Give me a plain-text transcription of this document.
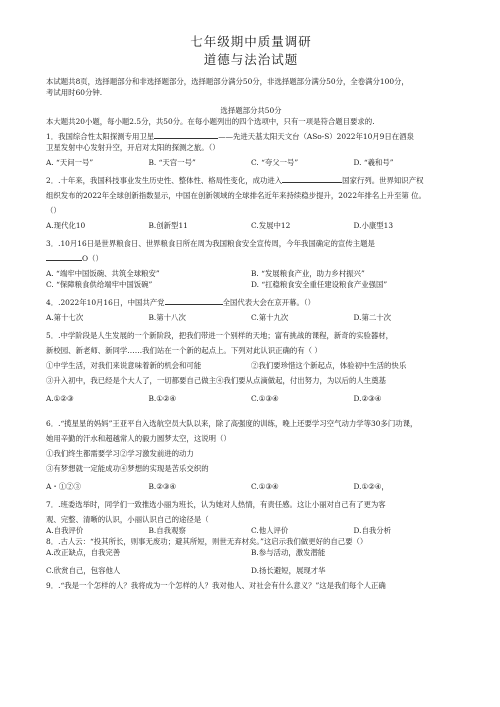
七年级期中质量调研
道德与法治试题
本试题共8页，选择题部分和非选择题部分，选择题部分满分50分，非选择题部分满分50分，全卷满分100分，
考试用时60分钟.
选择题部分共50分
本大题共20小题，每小题2.5分，共50分。在每小题列出的四个选项中，只有一项是符合题目要求的.
1．我国综合性太阳探测专用卫星	——先进天基太阳天文台（ASo-S）2022年10月9日在酒泉
卫星发射中心发射升空，开启对太阳的探测之旅。（）
A. “天问一号”	B. “天宫一号”	C. “夸父一号”	D. “羲和号”
2．.十年来，我国科技事业发生历史性、整体性、格局性变化，成功进入	国家行列。世界知识产权
组织发布的2022年全球创新指数显示，中国在创新领域的全球排名近年来持续稳步提升，2022年排名上升至第 位。
（）
A.现代化10	B.创新型11	C.发展中12	D.小康型13
3．.10月16日是世界粮食日、世界粮食日所在周为我国粮食安全宣传周，今年我国确定的宣传主题是
O（）
A. “端牢中国饭碗、共筑全球粮安”	B. “发展粮食产业，助力乡村振兴”
C. “保障粮食供给端牢中国饭碗”	D. “扛稳粮食安全重任建设粮食产业强国”
4．.2022年10月16日，中国共产党	全国代表大会在京开幕。（）
A.第十七次	B.第十八次	C.第十九次	D.第二十次
5．.中学阶段是人生发展的一个新阶段，把我们带进一个别样的天地；富有挑战的课程，新奇的实验器材，
新校园、新老师、新同学……我们站在一个新的起点上。下列对此认识正确的有（ ）
①中学生活，对我们来说意味着新的机会和可能	②我们要珍惜这个新起点，体验初中生活的快乐
③升入初中，我已经是个大人了，一切都要自己做主④我们要从点滴做起，付出努力，为以后的人生奠基
A.①②③	B.①②④	C.①③④	D.②③④
6．.“揽星星的妈妈”王亚平自入选航空员大队以来，除了高强度的训练，晚上还要学习空气动力学等30多门功课，
她用辛勤的汗水和超越常人的毅力圆梦太空，这说明（）
①我们终生都需要学习②学习激发前进的动力
③有梦想就一定能成功④梦想的实现是苦乐交织的
A・①②③	B.②③④	C.①③④	D.①②④，
7．.班委选举时，同学们一致推选小丽为班长，认为她对人热情，有责任感。这让小丽对自己有了更为客
观、完整、清晰的认识，小丽认识自己的途径是（
A.自我评价	B.自我观察	C.他人评价	D.自我分析
8．.古人云：“投其所长，则事无废功；避其所短，则世无弃材矣。”这启示我们做更好的自己要（）
A.改正缺点，自我完善	B.参与活动，激发潜能
C.欣赏自己，包容他人	D.扬长避短，展现才华
9．.“我是一个怎样的人？我将成为一个怎样的人？我对他人、对社会有什么意义？”这是我们每个人正确
